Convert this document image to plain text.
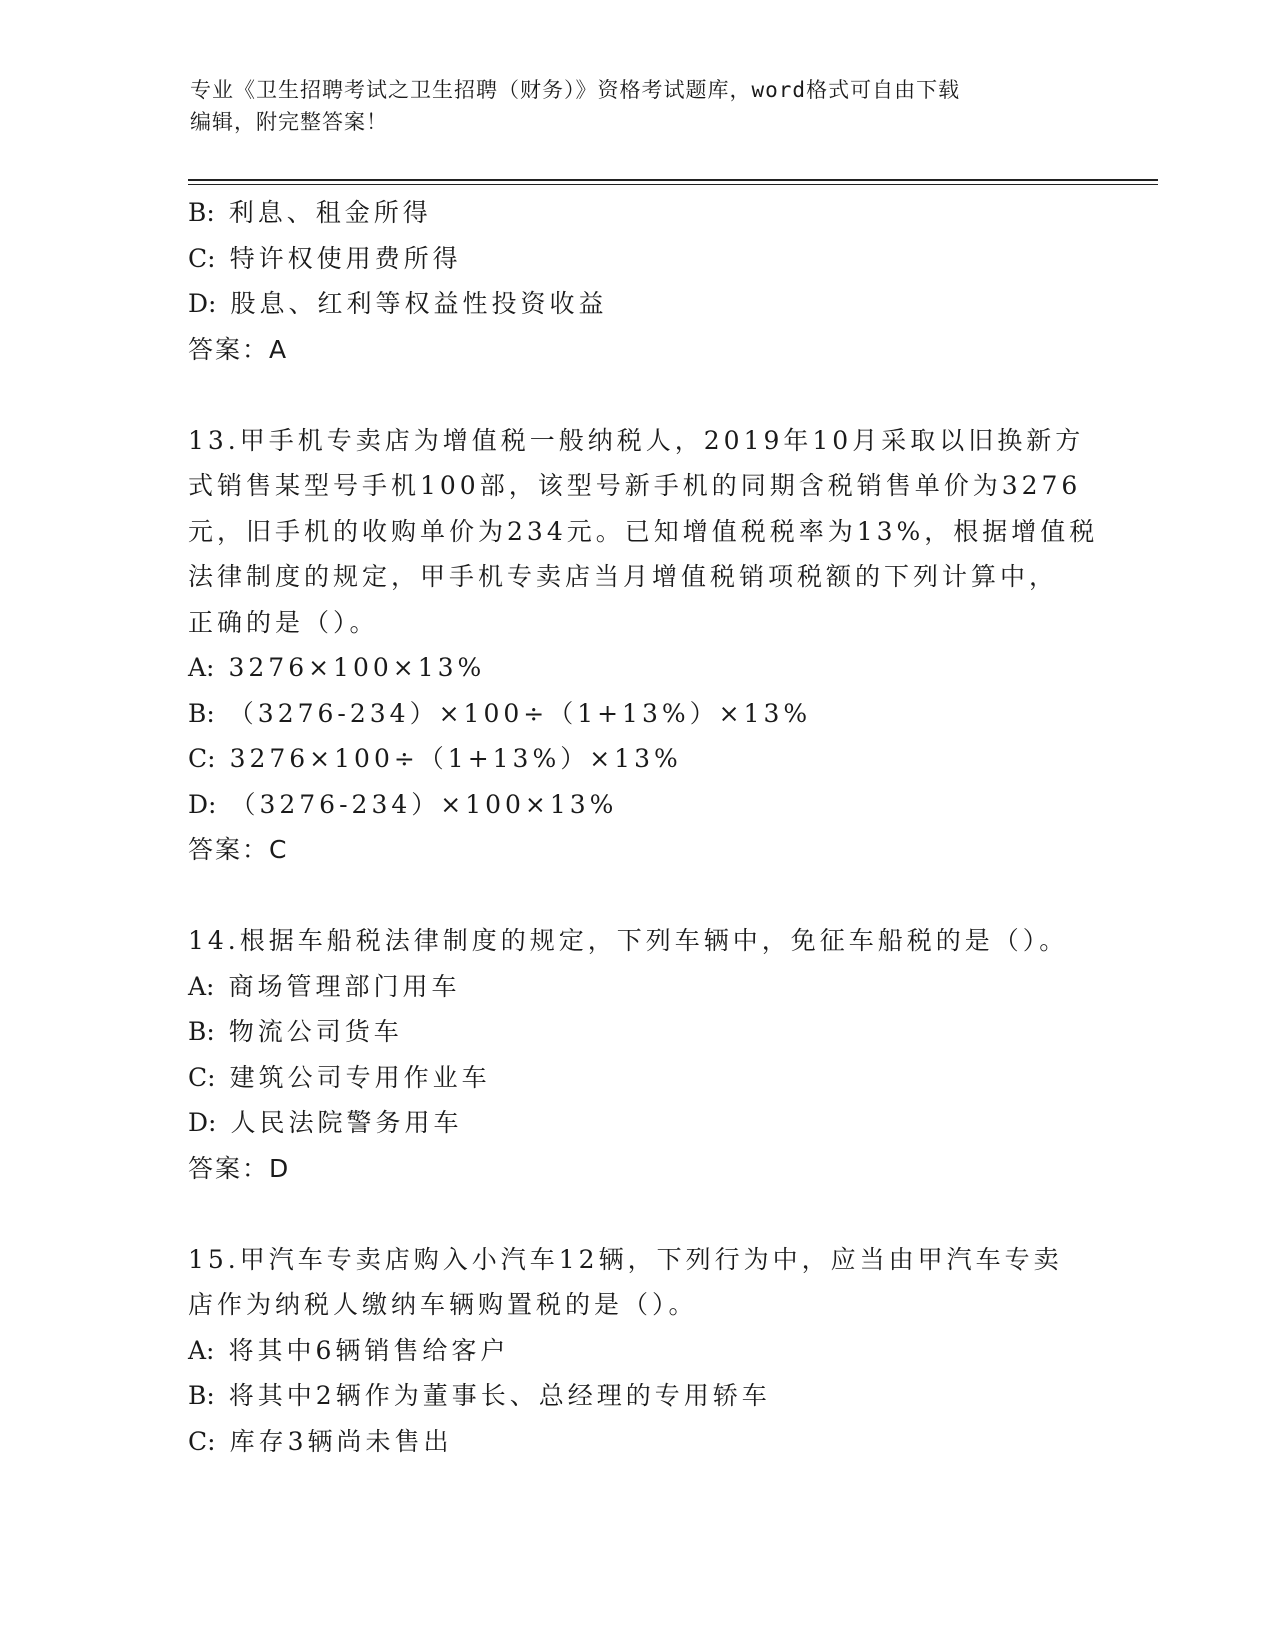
专业《卫生招聘考试之卫生招聘（财务）》资格考试题库，word格式可自由下载
编辑，附完整答案！
B: 利息、租金所得
C: 特许权使用费所得
D: 股息、红利等权益性投资收益
答案：A
13.甲手机专卖店为增值税一般纳税人，2019年10月采取以旧换新方
式销售某型号手机100部，该型号新手机的同期含税销售单价为3276
元，旧手机的收购单价为234元。已知增值税税率为13%，根据增值税
法律制度的规定，甲手机专卖店当月增值税销项税额的下列计算中，
正确的是（）。
A: 3276×100×13%
B: （3276-234）×100÷（1+13%）×13%
C: 3276×100÷（1+13%）×13%
D: （3276-234）×100×13%
答案：C
14.根据车船税法律制度的规定，下列车辆中，免征车船税的是（）。
A: 商场管理部门用车
B: 物流公司货车
C: 建筑公司专用作业车
D: 人民法院警务用车
答案：D
15.甲汽车专卖店购入小汽车12辆，下列行为中，应当由甲汽车专卖
店作为纳税人缴纳车辆购置税的是（）。
A: 将其中6辆销售给客户
B: 将其中2辆作为董事长、总经理的专用轿车
C: 库存3辆尚未售出
